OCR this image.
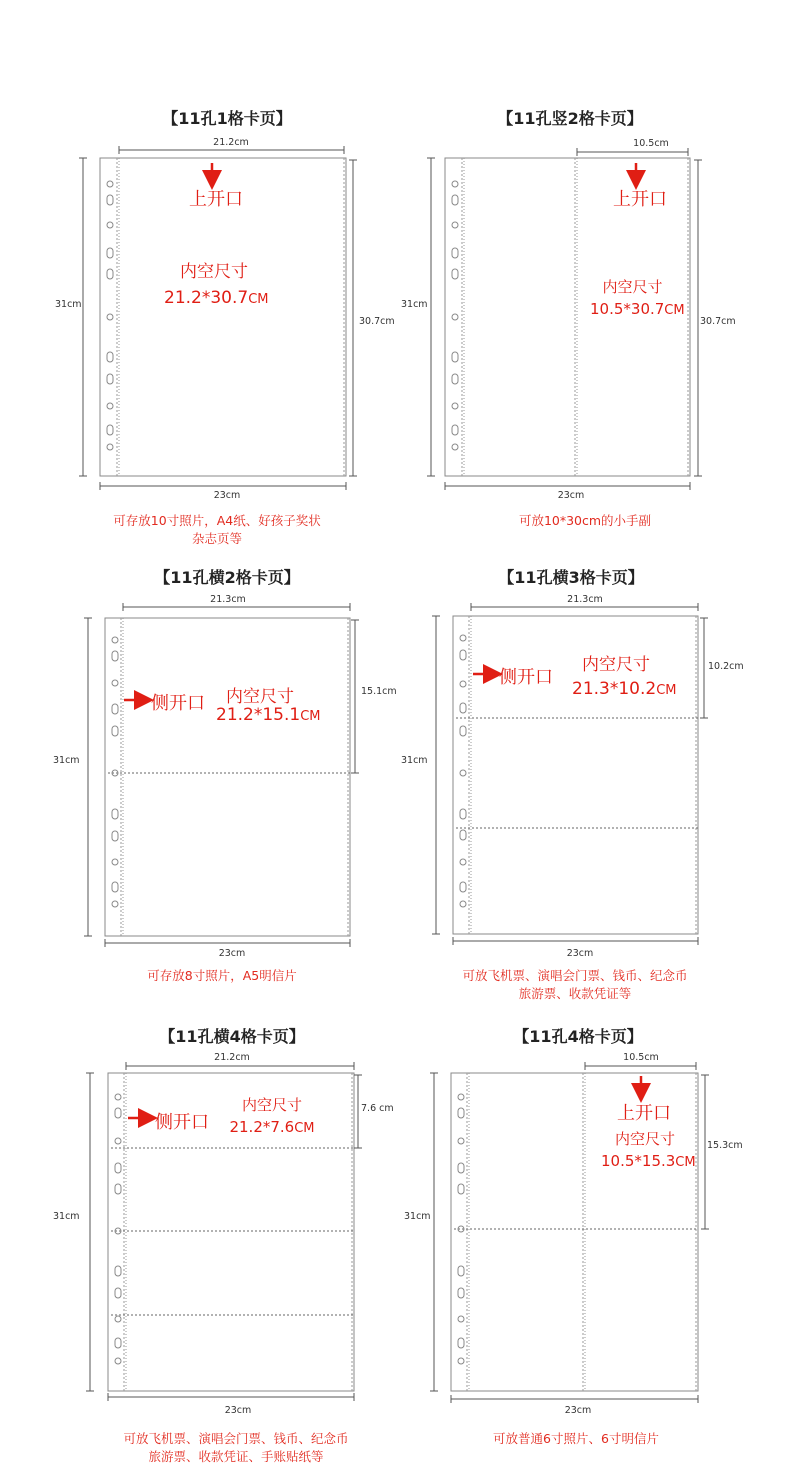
【11孔1格卡页】
21.2cm
31cm
30.7cm
23cm
上开口
内空尺寸
21.2*30.7CM
可存放10寸照片，A4纸、好孩子奖状
杂志页等
【11孔竖2格卡页】
10.5cm
31cm
30.7cm
23cm
上开口
内空尺寸
10.5*30.7CM
可放10*30cm的小手副
【11孔横2格卡页】
21.3cm
31cm
15.1cm
23cm
侧开口	内空尺寸
21.2*15.1CM
可存放8寸照片，A5明信片
【11孔横3格卡页】
21.3cm
31cm
10.2cm
23cm
侧开口
内空尺寸
21.3*10.2CM
可放飞机票、演唱会门票、钱币、纪念币
旅游票、收款凭证等
【11孔横4格卡页】
21.2cm
31cm
7.6 cm
23cm
侧开口
内空尺寸
21.2*7.6CM
可放飞机票、演唱会门票、钱币、纪念币
旅游票、收款凭证、手账贴纸等
【11孔4格卡页】
10.5cm
31cm
15.3cm
23cm
上开口
内空尺寸
10.5*15.3CM
可放普通6寸照片、6寸明信片
